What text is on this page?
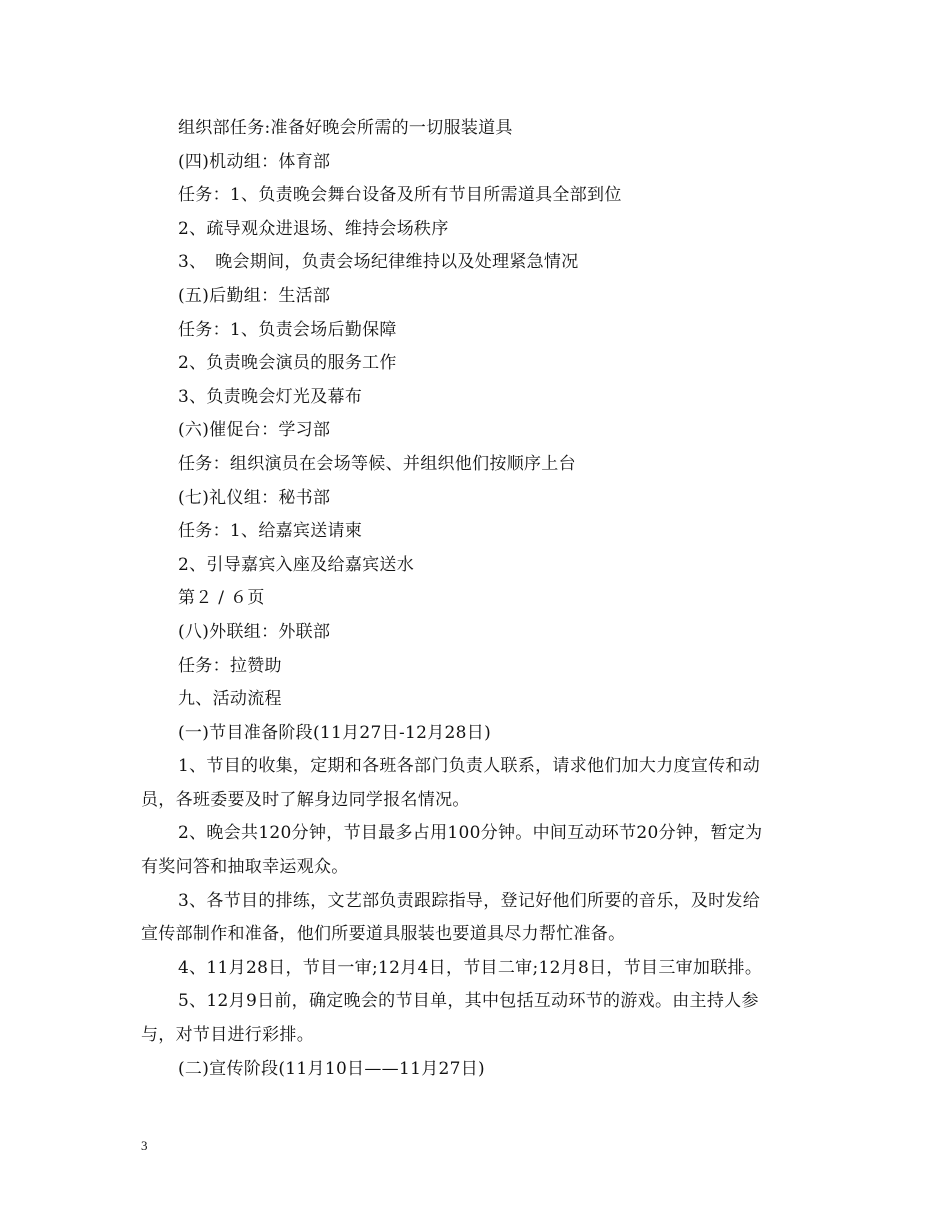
组织部任务:准备好晚会所需的一切服装道具
(四)机动组：体育部
任务：1、负责晚会舞台设备及所有节目所需道具全部到位
2、疏导观众进退场、维持会场秩序
3、　晚会期间，负责会场纪律维持以及处理紧急情况
(五)后勤组：生活部
任务：1、负责会场后勤保障
2、负责晚会演员的服务工作
3、负责晚会灯光及幕布
(六)催促台：学习部
任务：组织演员在会场等候、并组织他们按顺序上台
(七)礼仪组：秘书部
任务：1、给嘉宾送请柬
2、引导嘉宾入座及给嘉宾送水
第２ / ６页
(八)外联组：外联部
任务：拉赞助
九、活动流程
(一)节目准备阶段(11月27日-12月28日)
1、节目的收集，定期和各班各部门负责人联系，请求他们加大力度宣传和动
员，各班委要及时了解身边同学报名情况。
2、晚会共120分钟，节目最多占用100分钟。中间互动环节20分钟，暂定为
有奖问答和抽取幸运观众。
3、各节目的排练，文艺部负责跟踪指导，登记好他们所要的音乐，及时发给
宣传部制作和准备，他们所要道具服装也要道具尽力帮忙准备。
4、11月28日，节目一审;12月4日，节目二审;12月8日，节目三审加联排。
5、12月9日前，确定晚会的节目单，其中包括互动环节的游戏。由主持人参
与，对节目进行彩排。
(二)宣传阶段(11月10日——11月27日)
3
